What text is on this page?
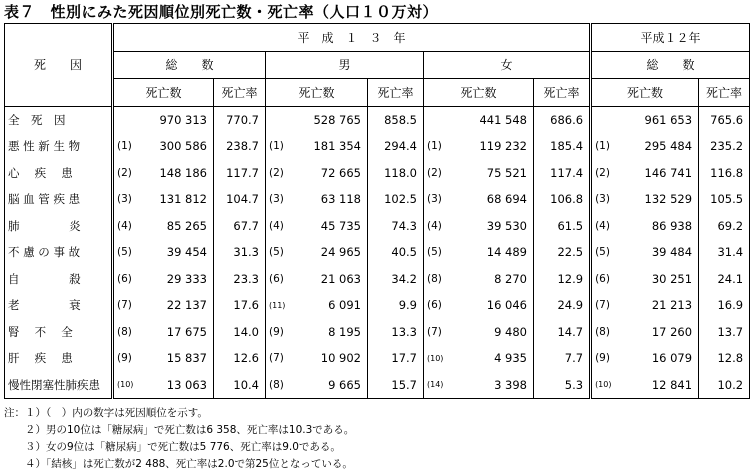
表７　性別にみた死因順位別死亡数・死亡率（人口１０万対）
死　　因	平　成　１　３　年									平成１２年		
	総　　数			男			女			総　　数		
	死亡数		死亡率	死亡数		死亡率	死亡数		死亡率	死亡数		死亡率
全　死　因		970 313	770.7		528 765	858.5		441 548	686.6		961 653	765.6
悪 性 新 生 物	(1)	300 586	238.7	(1)	181 354	294.4	(1)	119 232	185.4	(1)	295 484	235.2
心　 疾　 患	(2)	148 186	117.7	(2)	72 665	118.0	(2)	75 521	117.4	(2)	146 741	116.8
脳 血 管 疾 患	(3)	131 812	104.7	(3)	63 118	102.5	(3)	68 694	106.8	(3)	132 529	105.5
肺　　　　 炎	(4)	85 265	67.7	(4)	45 735	74.3	(4)	39 530	61.5	(4)	86 938	69.2
不 慮 の 事 故	(5)	39 454	31.3	(5)	24 965	40.5	(5)	14 489	22.5	(5)	39 484	31.4
自　　　　 殺	(6)	29 333	23.3	(6)	21 063	34.2	(8)	8 270	12.9	(6)	30 251	24.1
老　　　　 衰	(7)	22 137	17.6	(11)	6 091	9.9	(6)	16 046	24.9	(7)	21 213	16.9
腎　 不　 全	(8)	17 675	14.0	(9)	8 195	13.3	(7)	9 480	14.7	(8)	17 260	13.7
肝　 疾　 患	(9)	15 837	12.6	(7)	10 902	17.7	(10)	4 935	7.7	(9)	16 079	12.8
慢性閉塞性肺疾患	(10)	13 063	10.4	(8)	9 665	15.7	(14)	3 398	5.3	(10)	12 841	10.2
注：１）（　）内の数字は死因順位を示す。
　　２）男の10位は「糖尿病」で死亡数は6 358、死亡率は10.3である。
　　３）女の9位は「糖尿病」で死亡数は5 776、死亡率は9.0である。
　　４）「結核」は死亡数が2 488、死亡率は2.0で第25位となっている。
